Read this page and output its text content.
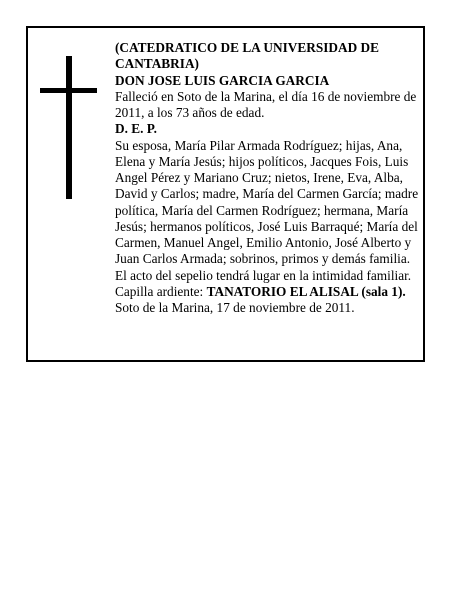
(CATEDRATICO DE LA UNIVERSIDAD DE CANTABRIA)

DON JOSE LUIS GARCIA GARCIA

Falleció en Soto de la Marina, el día 16 de noviembre de 2011, a los 73 años de edad.

D. E. P.

Su esposa, María Pilar Armada Rodríguez; hijas, Ana, Elena y María Jesús; hijos políticos, Jacques Fois, Luis Angel Pérez y Mariano Cruz; nietos, Irene, Eva, Alba, David y Carlos; madre, María del Carmen García; madre política, María del Carmen Rodríguez; hermana, María Jesús; hermanos políticos, José Luis Barraqué; María del Carmen, Manuel Angel, Emilio Antonio, José Alberto y Juan Carlos Armada; sobrinos, primos y demás familia.

El acto del sepelio tendrá lugar en la intimidad familiar.

Capilla ardiente: TANATORIO EL ALISAL (sala 1).

Soto de la Marina, 17 de noviembre de 2011.
